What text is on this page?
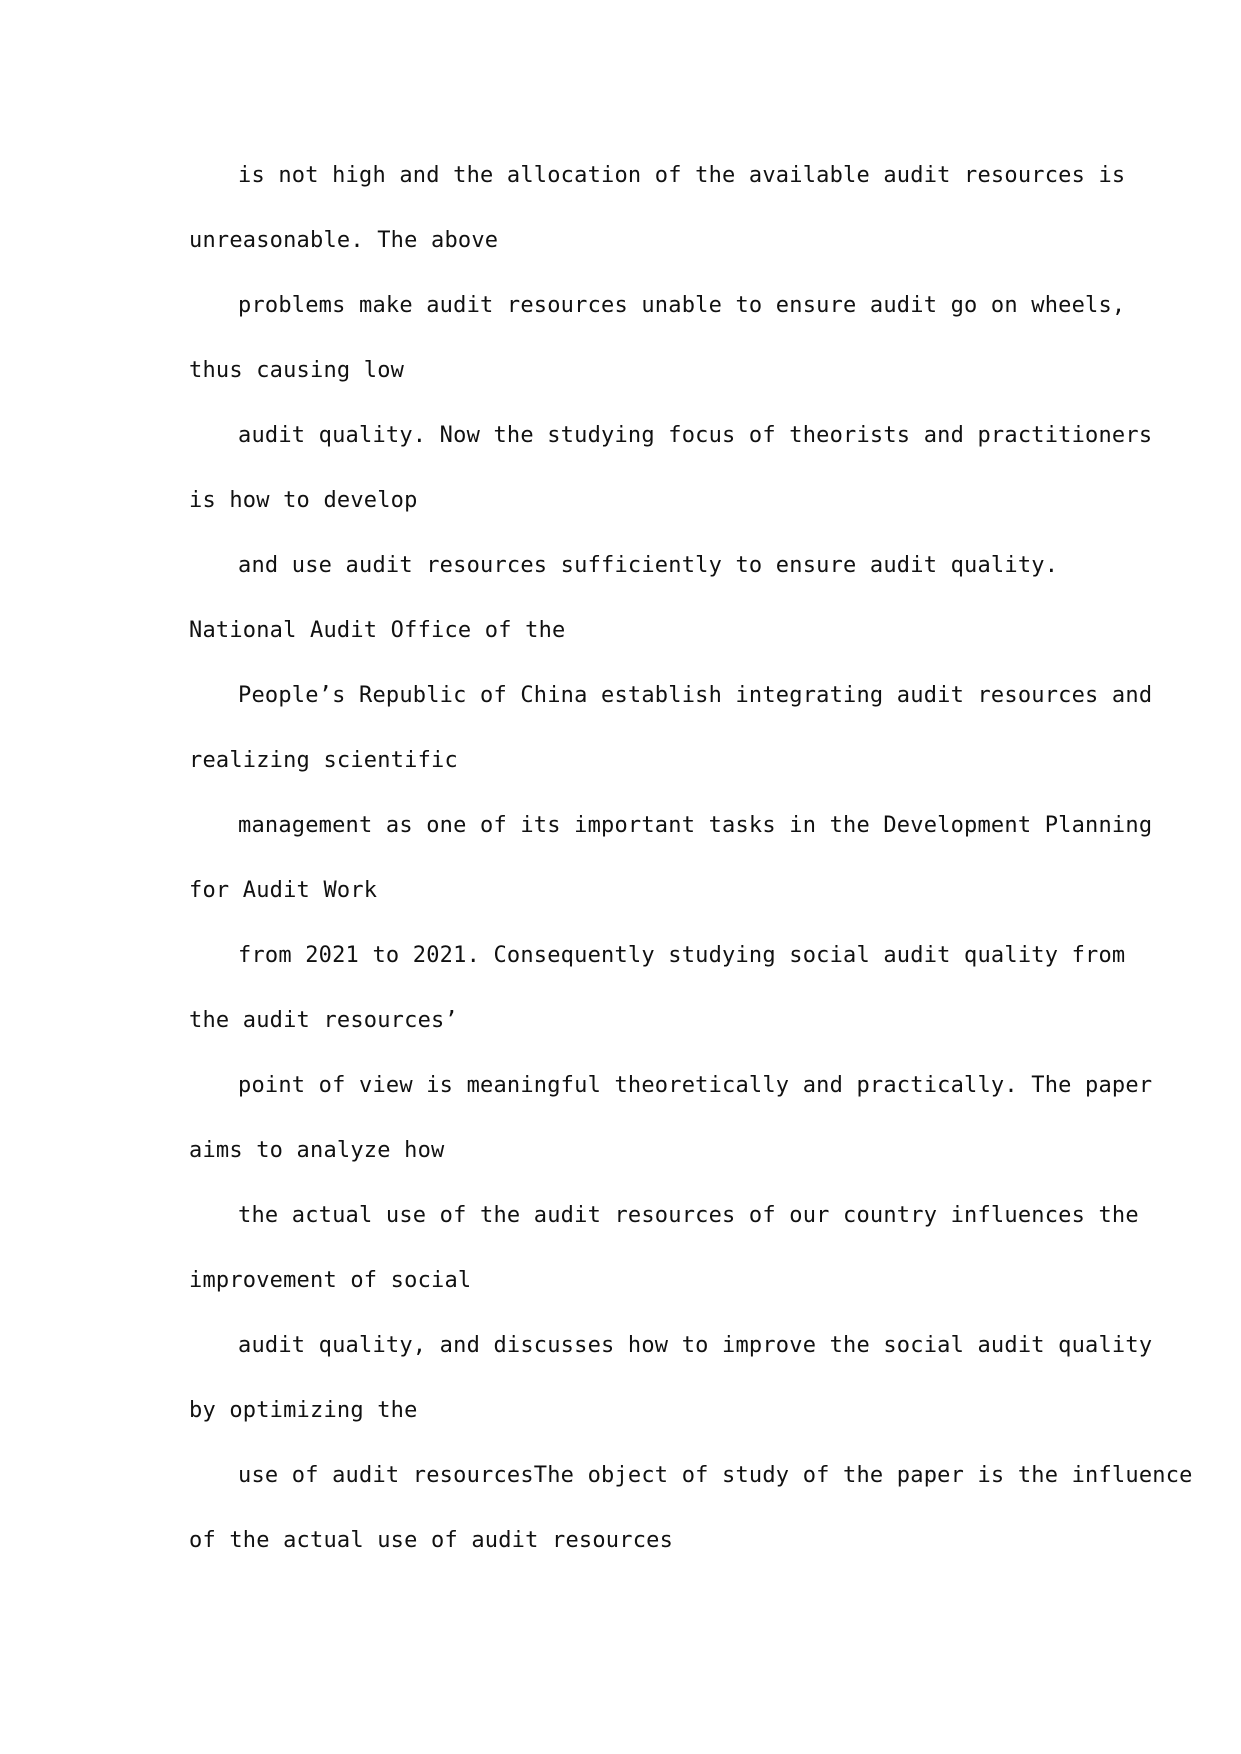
is not high and the allocation of the available audit resources is
unreasonable. The above
problems make audit resources unable to ensure audit go on wheels,
thus causing low
audit quality. Now the studying focus of theorists and practitioners
is how to develop
and use audit resources sufficiently to ensure audit quality.
National Audit Office of the
People’s Republic of China establish integrating audit resources and
realizing scientific
management as one of its important tasks in the Development Planning
for Audit Work
from 2021 to 2021. Consequently studying social audit quality from
the audit resources’
point of view is meaningful theoretically and practically. The paper
aims to analyze how
the actual use of the audit resources of our country influences the
improvement of social
audit quality, and discusses how to improve the social audit quality
by optimizing the
use of audit resourcesThe object of study of the paper is the influence
of the actual use of audit resources
